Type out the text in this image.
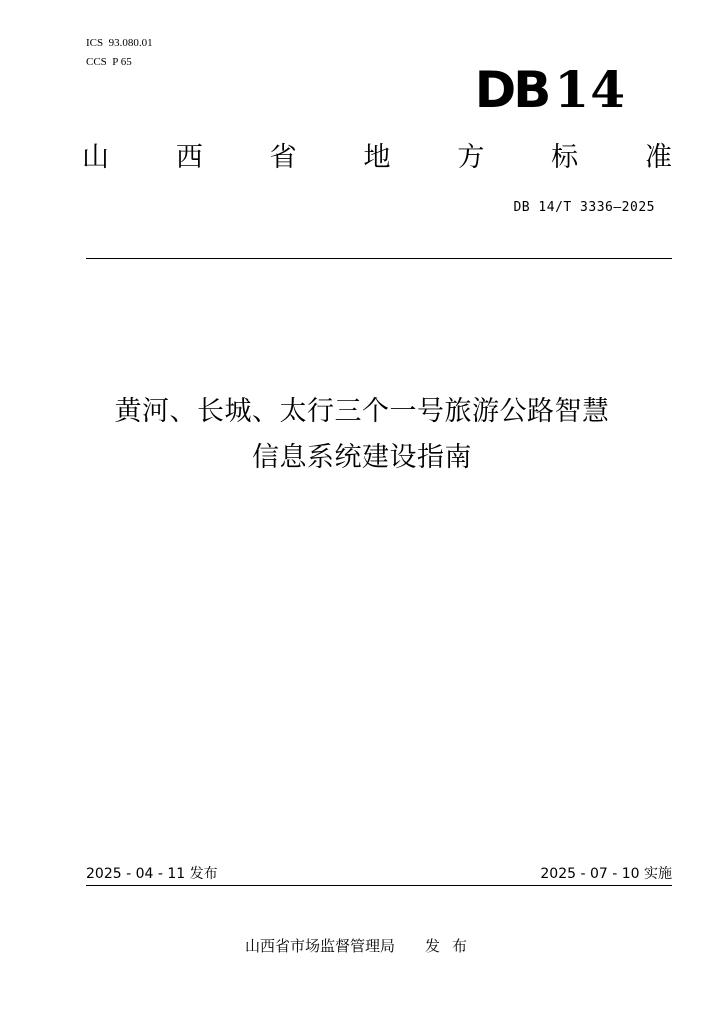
ICS  93.080.01
CCS  P 65	DB 14
山 西 省 地 方 标 准
DB 14/T 3336—2025
黄河、长城、太行三个一号旅游公路智慧
信息系统建设指南
2025 - 04 - 11 发布	2025 - 07 - 10 实施
山西省市场监督管理局 发布
